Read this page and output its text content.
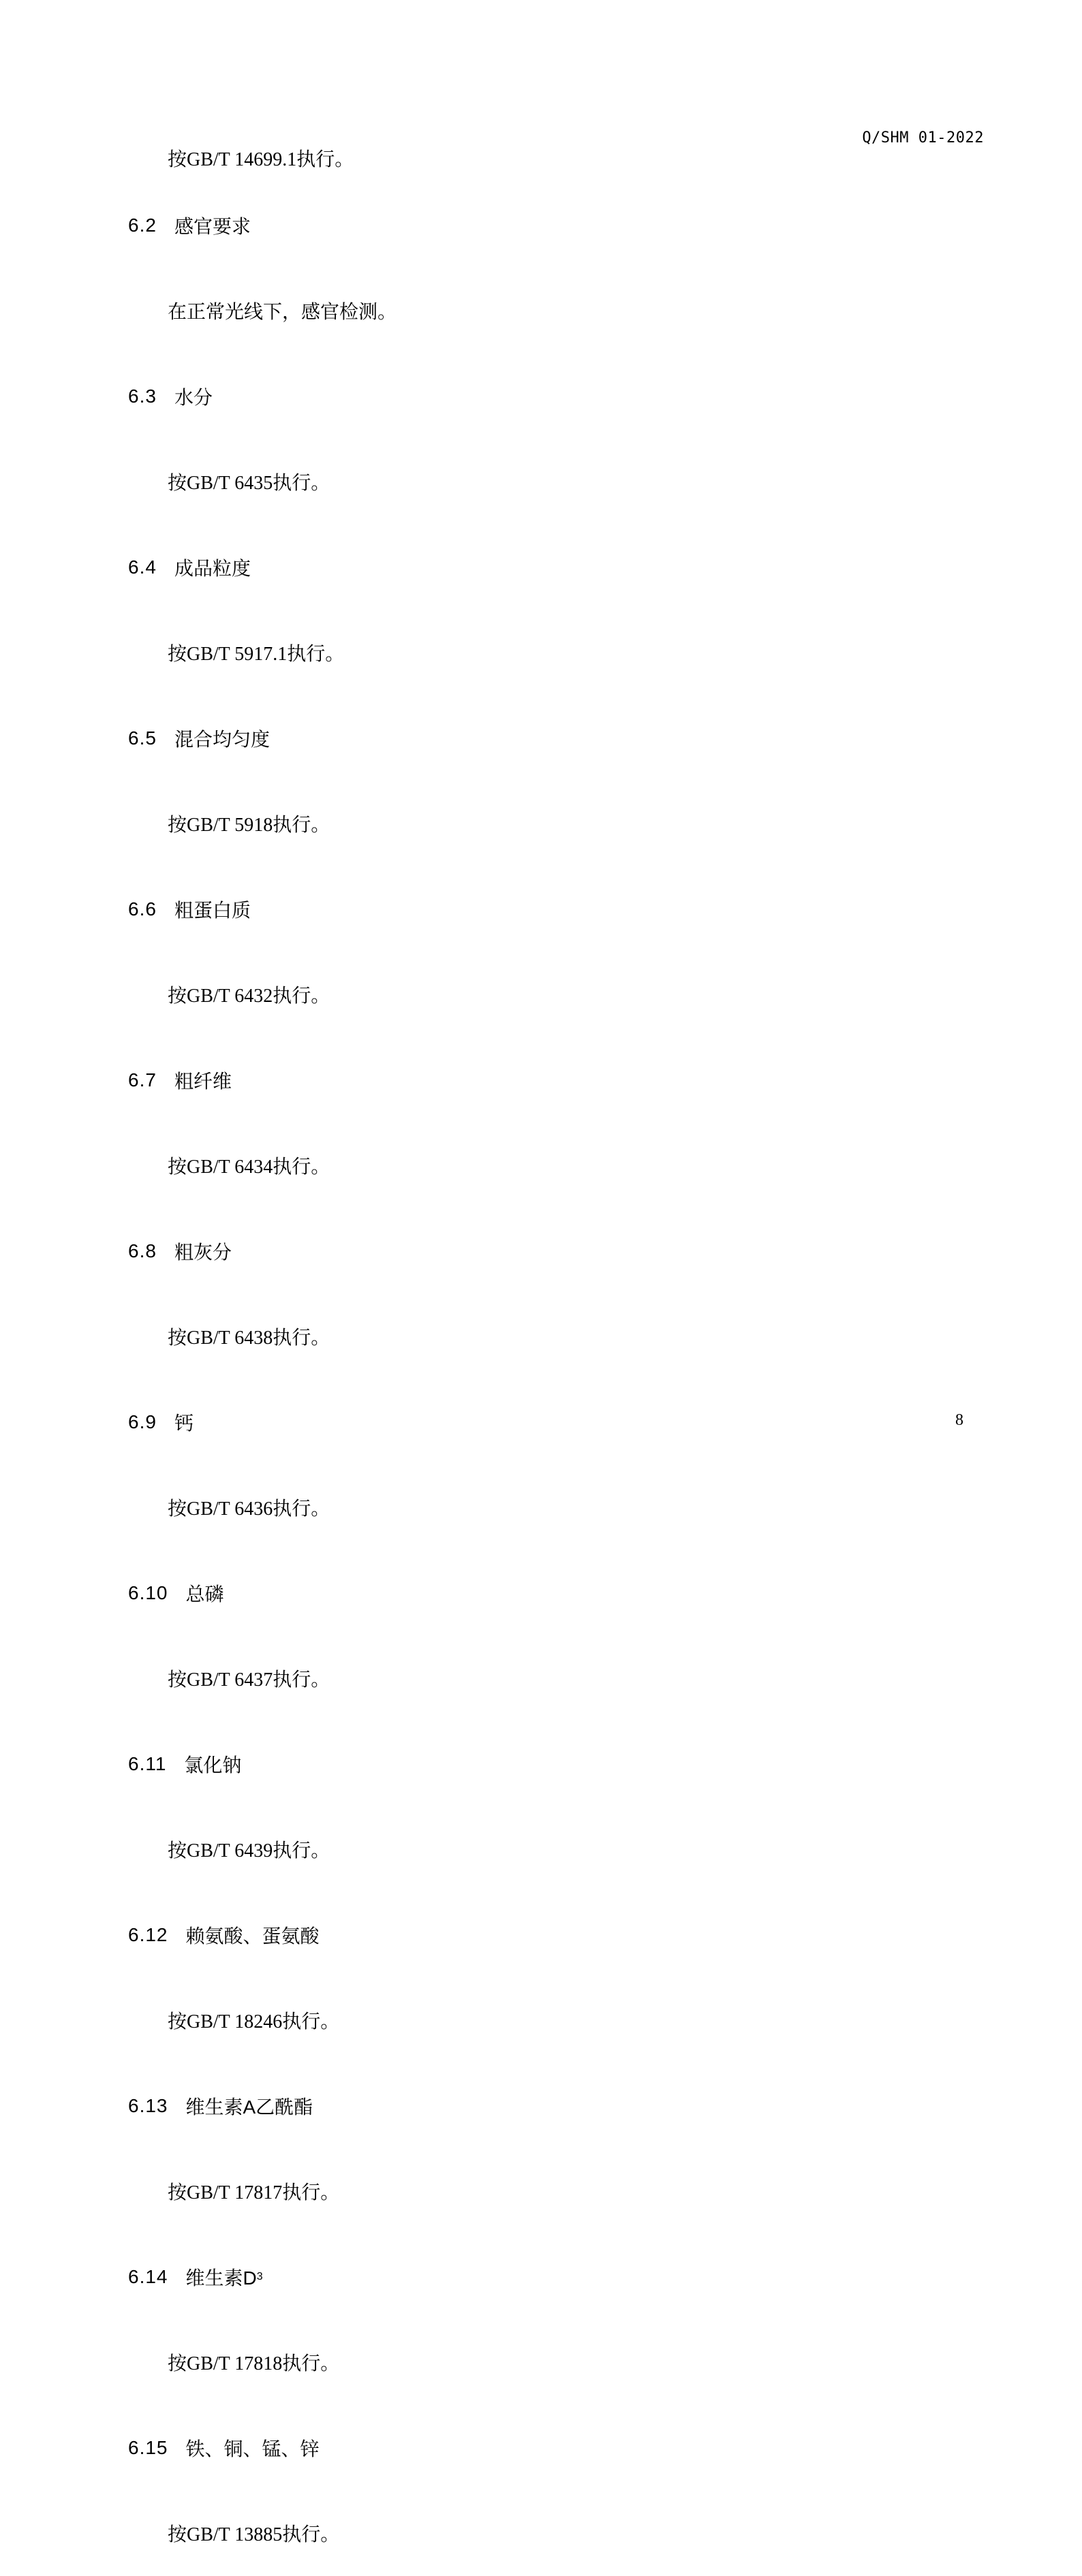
Q/SHM 01-2022
按GB/T 14699.1执行。
6.2 感官要求
在正常光线下，感官检测。
6.3 水分
按GB/T 6435执行。
6.4 成品粒度
按GB/T 5917.1执行。
6.5 混合均匀度
按GB/T 5918执行。
6.6 粗蛋白质
按GB/T 6432执行。
6.7 粗纤维
按GB/T 6434执行。
6.8 粗灰分
按GB/T 6438执行。
6.9 钙
按GB/T 6436执行。
6.10 总磷
按GB/T 6437执行。
6.11 氯化钠
按GB/T 6439执行。
6.12 赖氨酸、蛋氨酸
按GB/T 18246执行。
6.13 维生素A乙酰酯
按GB/T 17817执行。
6.14 维生素D 3
按GB/T 17818执行。
6.15 铁、铜、锰、锌
按GB/T 13885执行。
8
